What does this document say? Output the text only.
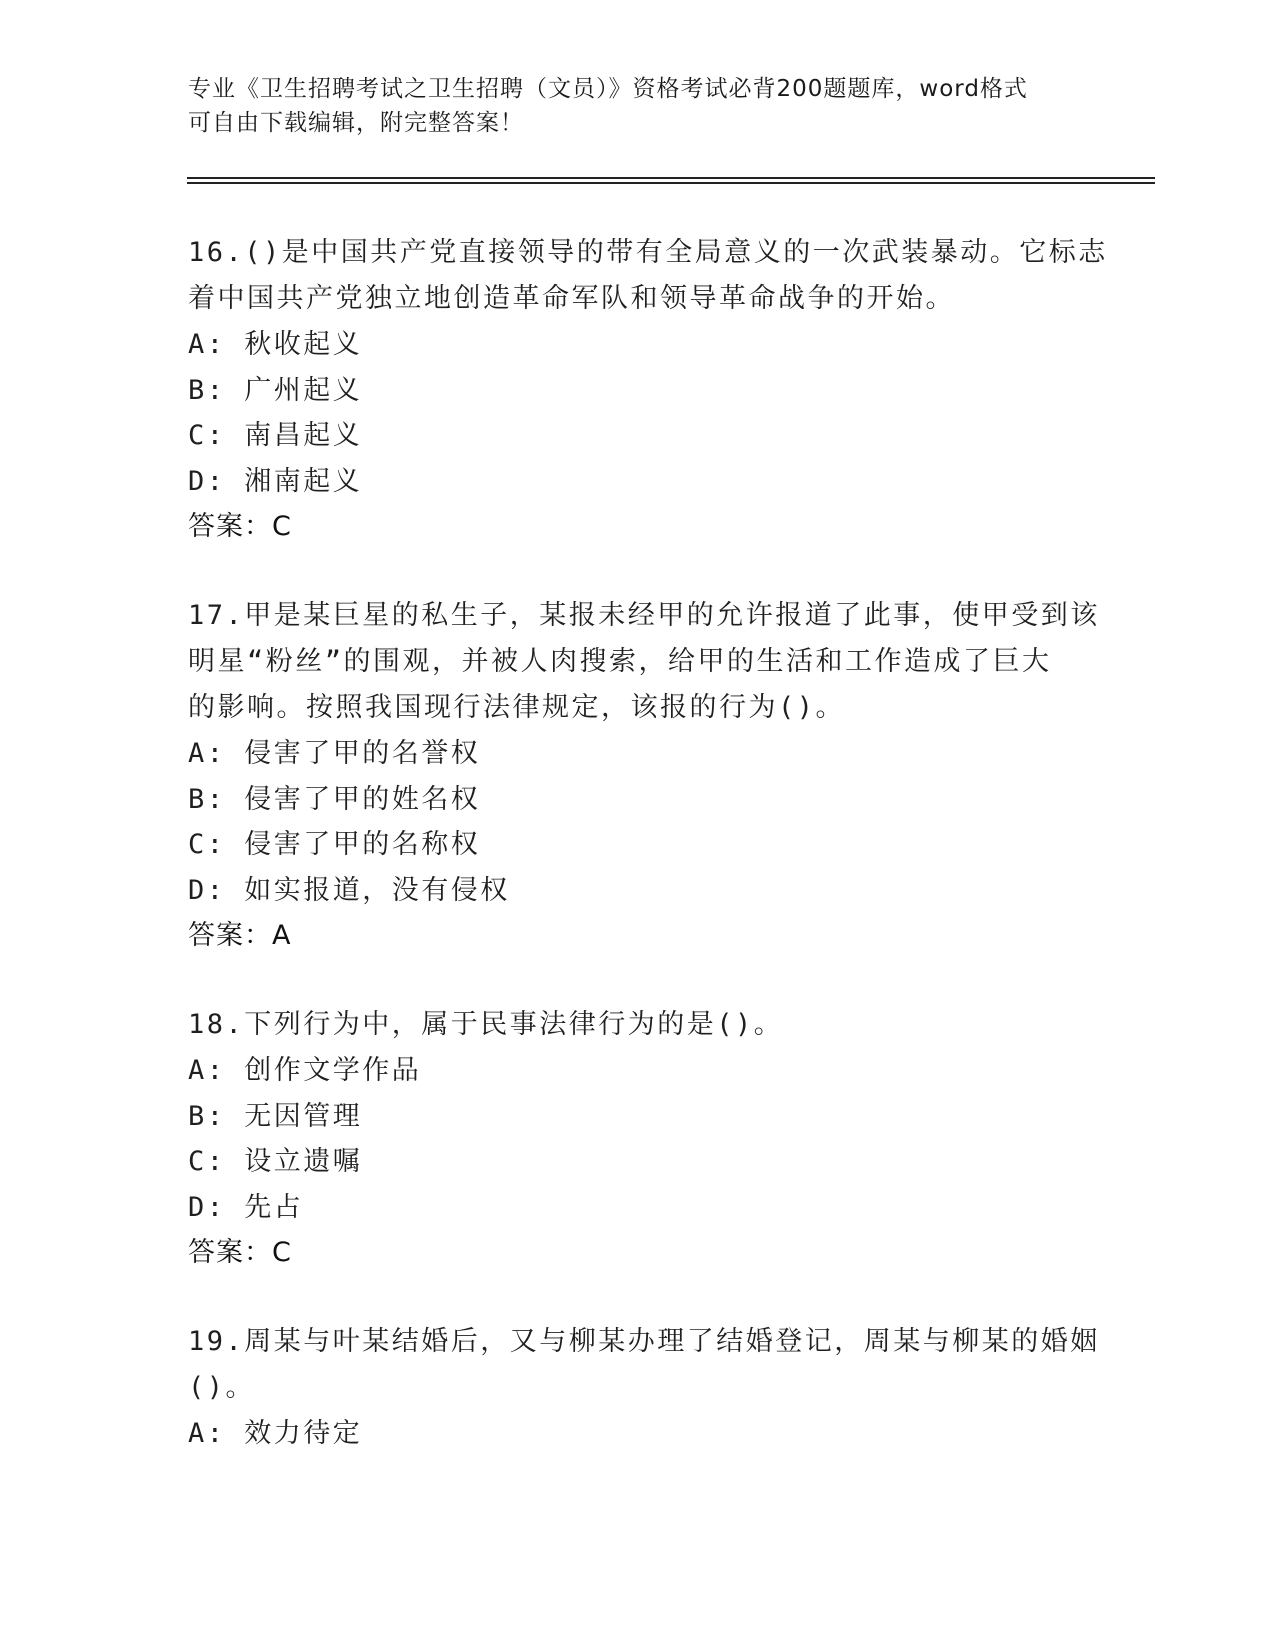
专业《卫生招聘考试之卫生招聘（文员）》资格考试必背200题题库，word格式
可自由下载编辑，附完整答案！
16.()是中国共产党直接领导的带有全局意义的一次武装暴动。它标志
着中国共产党独立地创造革命军队和领导革命战争的开始。
A: 秋收起义
B: 广州起义
C: 南昌起义
D: 湘南起义
答案：C
17.甲是某巨星的私生子，某报未经甲的允许报道了此事，使甲受到该
明星“粉丝”的围观，并被人肉搜索，给甲的生活和工作造成了巨大
的影响。按照我国现行法律规定，该报的行为()。
A: 侵害了甲的名誉权
B: 侵害了甲的姓名权
C: 侵害了甲的名称权
D: 如实报道，没有侵权
答案：A
18.下列行为中，属于民事法律行为的是()。
A: 创作文学作品
B: 无因管理
C: 设立遗嘱
D: 先占
答案：C
19.周某与叶某结婚后，又与柳某办理了结婚登记，周某与柳某的婚姻
()。
A: 效力待定
